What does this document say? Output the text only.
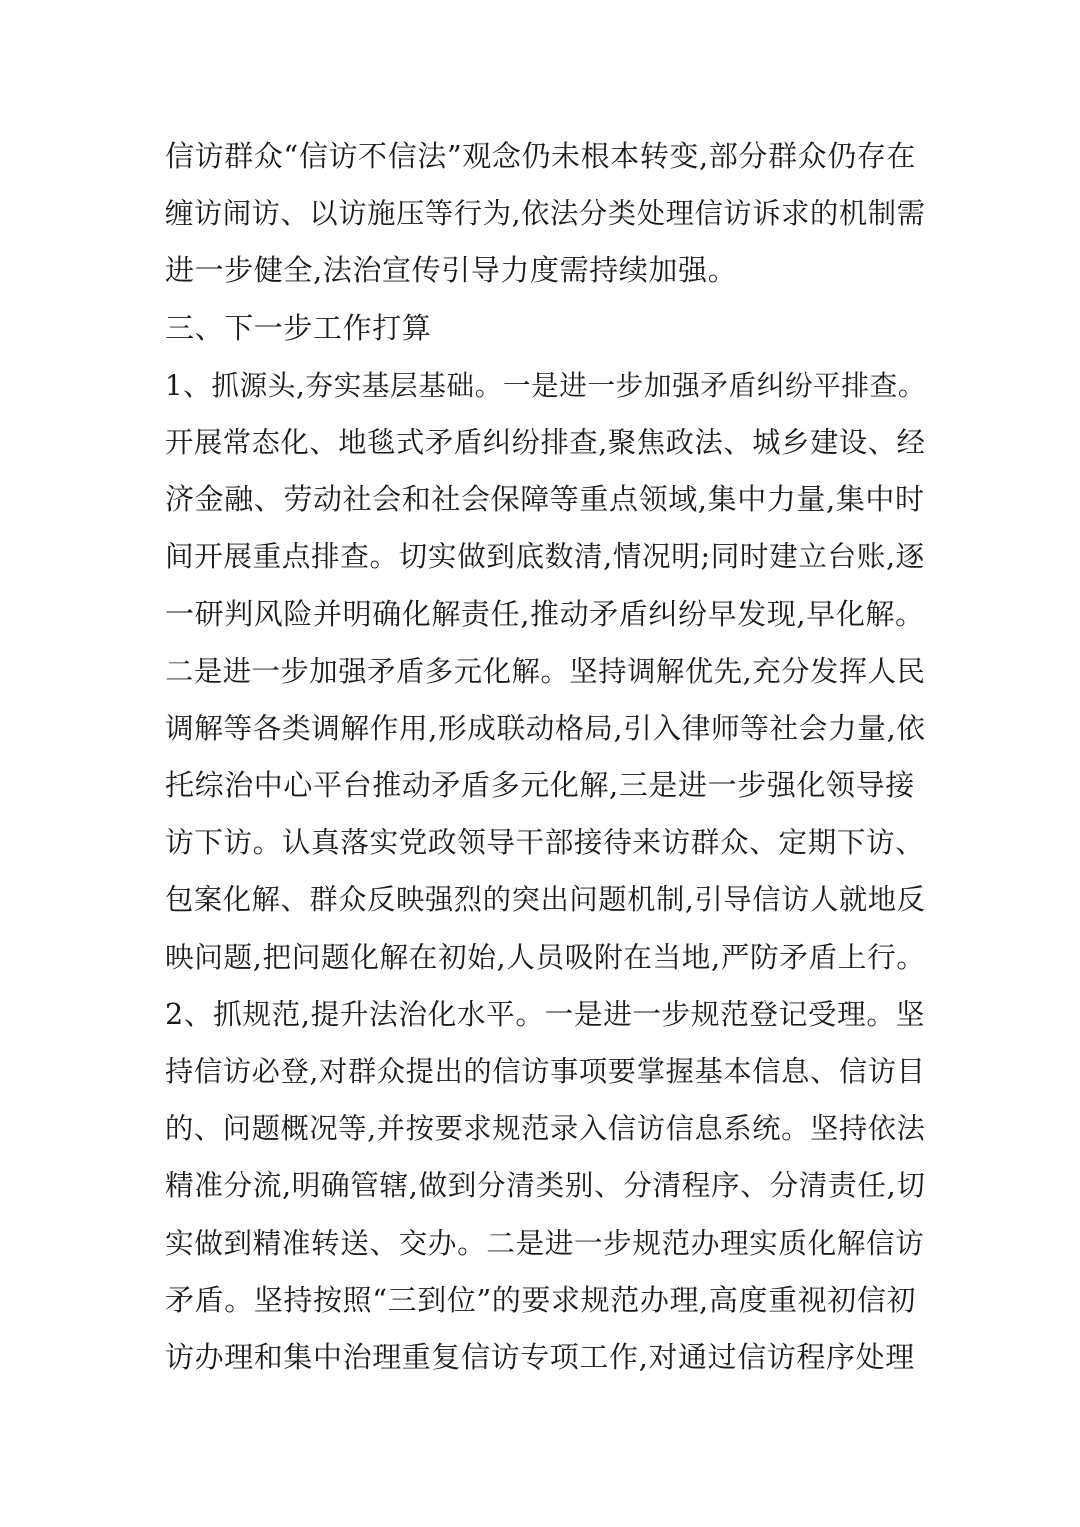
信访群众“信访不信法”观念仍未根本转变,部分群众仍存在
缠访闹访、以访施压等行为,依法分类处理信访诉求的机制需
进一步健全,法治宣传引导力度需持续加强。
三、下一步工作打算
1、抓源头,夯实基层基础。一是进一步加强矛盾纠纷平排查。
开展常态化、地毯式矛盾纠纷排查,聚焦政法、城乡建设、经
济金融、劳动社会和社会保障等重点领域,集中力量,集中时
间开展重点排查。切实做到底数清,情况明;同时建立台账,逐
一研判风险并明确化解责任,推动矛盾纠纷早发现,早化解。
二是进一步加强矛盾多元化解。坚持调解优先,充分发挥人民
调解等各类调解作用,形成联动格局,引入律师等社会力量,依
托综治中心平台推动矛盾多元化解,三是进一步强化领导接
访下访。认真落实党政领导干部接待来访群众、定期下访、
包案化解、群众反映强烈的突出问题机制,引导信访人就地反
映问题,把问题化解在初始,人员吸附在当地,严防矛盾上行。
2、抓规范,提升法治化水平。一是进一步规范登记受理。坚
持信访必登,对群众提出的信访事项要掌握基本信息、信访目
的、问题概况等,并按要求规范录入信访信息系统。坚持依法
精准分流,明确管辖,做到分清类别、分清程序、分清责任,切
实做到精准转送、交办。二是进一步规范办理实质化解信访
矛盾。坚持按照“三到位”的要求规范办理,高度重视初信初
访办理和集中治理重复信访专项工作,对通过信访程序处理
